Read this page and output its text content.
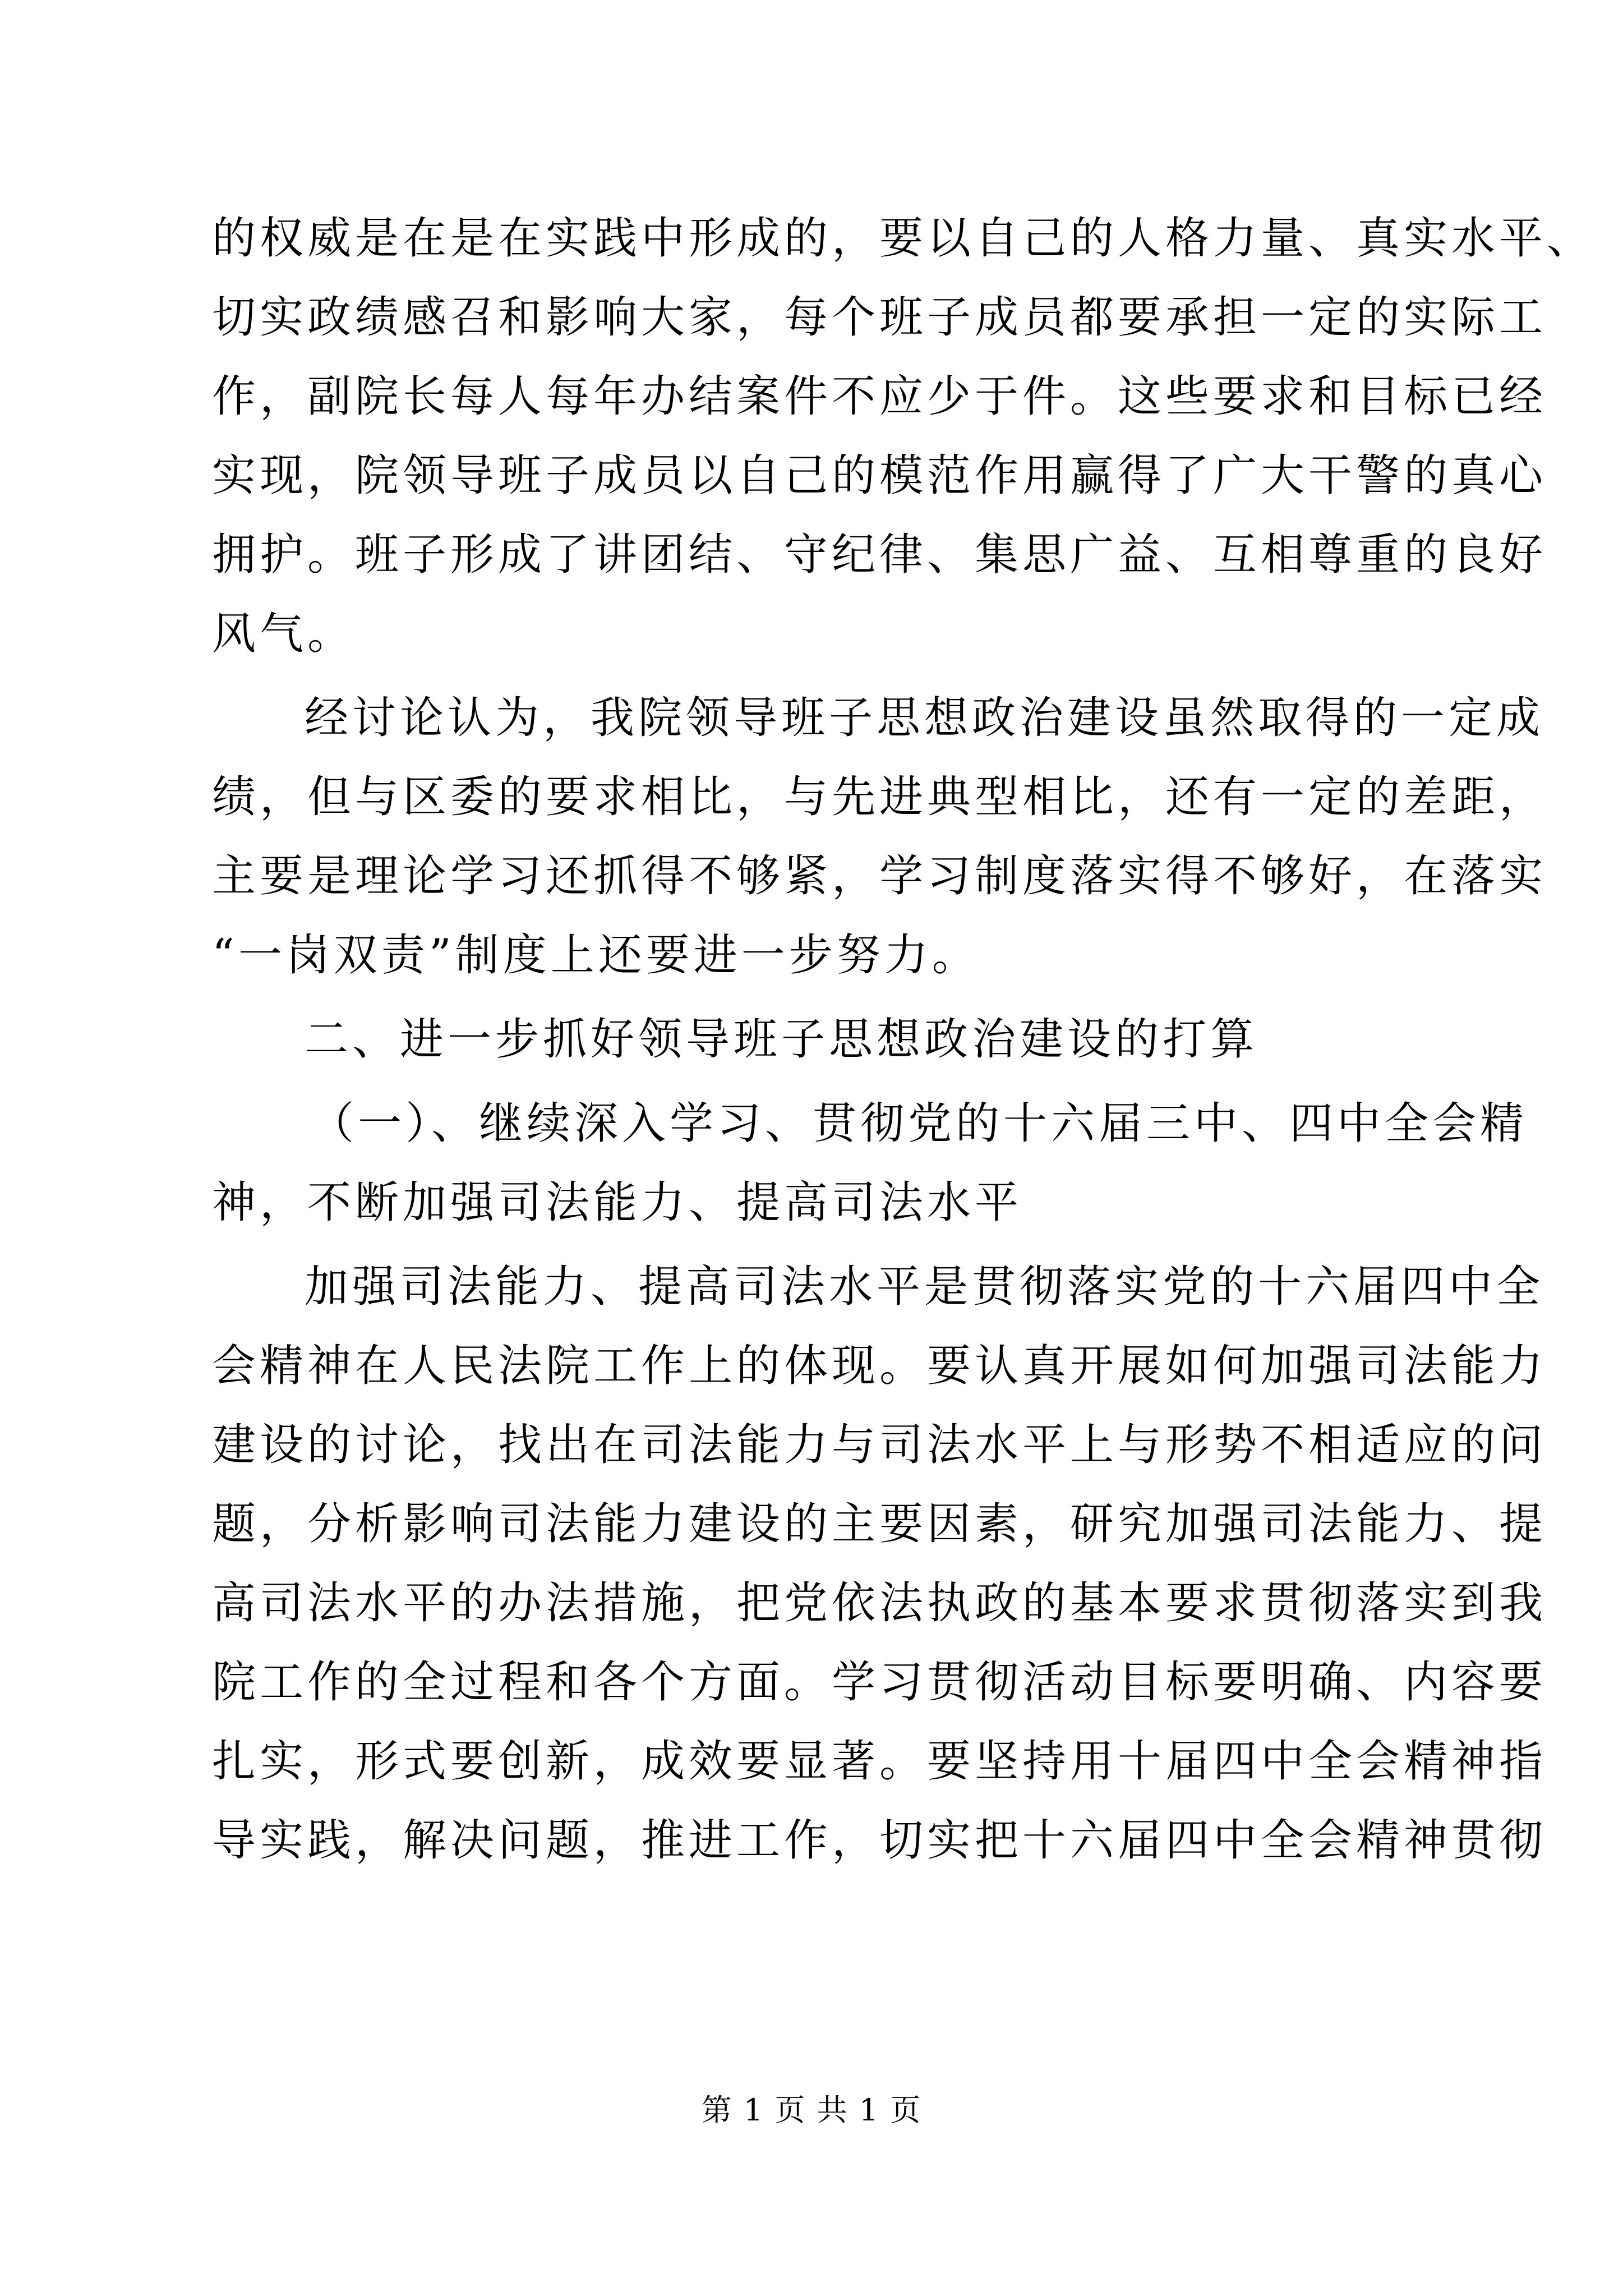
的权威是在是在实践中形成的，要以自己的人格力量、真实水平、
切实政绩感召和影响大家，每个班子成员都要承担一定的实际工
作，副院长每人每年办结案件不应少于件。这些要求和目标已经
实现，院领导班子成员以自己的模范作用赢得了广大干警的真心
拥护。班子形成了讲团结、守纪律、集思广益、互相尊重的良好
风气。
经讨论认为，我院领导班子思想政治建设虽然取得的一定成
绩，但与区委的要求相比，与先进典型相比，还有一定的差距，
主要是理论学习还抓得不够紧，学习制度落实得不够好，在落实
“一岗双责”制度上还要进一步努力。
二、进一步抓好领导班子思想政治建设的打算
（一）、继续深入学习、贯彻党的十六届三中、四中全会精
神，不断加强司法能力、提高司法水平
加强司法能力、提高司法水平是贯彻落实党的十六届四中全
会精神在人民法院工作上的体现。要认真开展如何加强司法能力
建设的讨论，找出在司法能力与司法水平上与形势不相适应的问
题，分析影响司法能力建设的主要因素，研究加强司法能力、提
高司法水平的办法措施，把党依法执政的基本要求贯彻落实到我
院工作的全过程和各个方面。学习贯彻活动目标要明确、内容要
扎实，形式要创新，成效要显著。要坚持用十届四中全会精神指
导实践，解决问题，推进工作，切实把十六届四中全会精神贯彻
第 1 页 共 1 页
